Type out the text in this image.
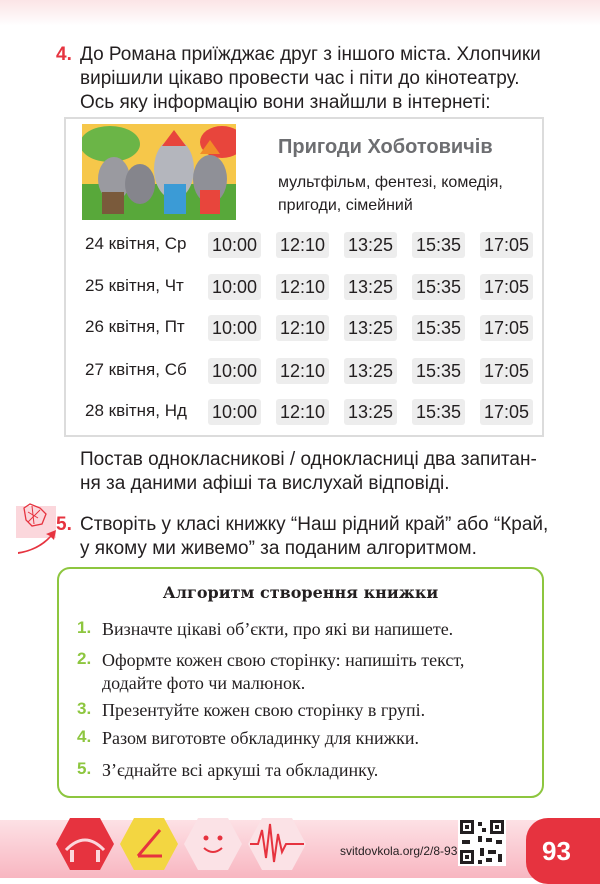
4. До Романа приїжджає друг з іншого міста. Хлопчики
вирішили цікаво провести час і піти до кінотеатру.
Ось яку інформацію вони знайшли в інтернеті:

Пригоди Хоботовичів

мультфільм, фентезі, комедія,
пригоди, сімейний

24 квітня, Ср 10:00 12:10 13:25 15:35 17:05
25 квітня, Чт 10:00 12:10 13:25 15:35 17:05
26 квітня, Пт 10:00 12:10 13:25 15:35 17:05
27 квітня, Сб 10:00 12:10 13:25 15:35 17:05
28 квітня, Нд 10:00 12:10 13:25 15:35 17:05

Постав однокласникові / однокласниці два запитан-
ня за даними афіші та вислухай відповіді.

5. Створіть у класі книжку “Наш рідний край” або “Край,
у якому ми живемо” за поданим алгоритмом.

Алгоритм створення книжки
1. Визначте цікаві об’єкти, про які ви напишете.

2. Оформте кожен свою сторінку: напишіть текст,
додайте фото чи малюнок.

3. Презентуйте кожен свою сторінку в групі.

4. Разом виготовте обкладинку для книжки.

5. З’єднайте всі аркуші та обкладинку.

svitdovkola.org/2/8-93	93
